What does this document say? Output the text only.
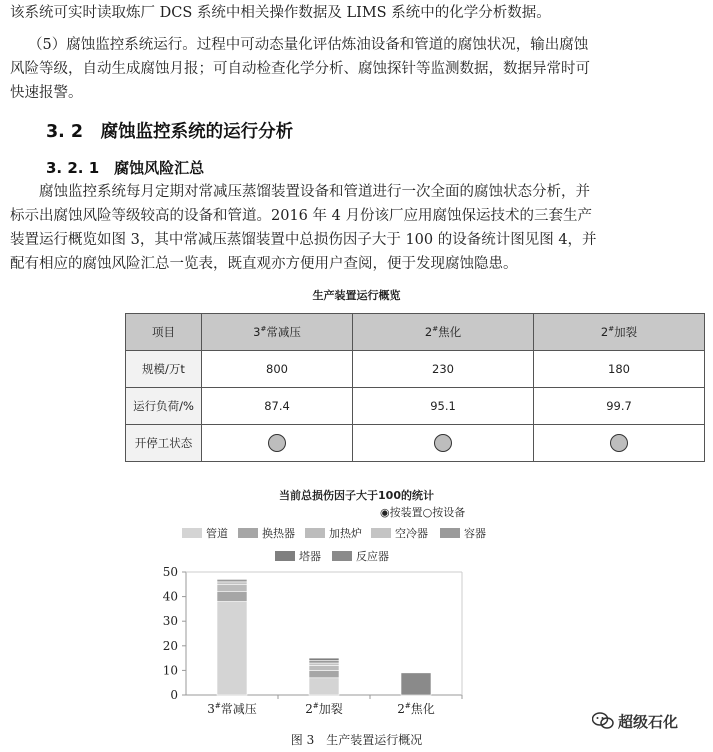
该系统可实时读取炼厂 DCS 系统中相关操作数据及 LIMS 系统中的化学分析数据。

（5）腐蚀监控系统运行。过程中可动态量化评估炼油设备和管道的腐蚀状况，输出腐蚀

风险等级，自动生成腐蚀月报；可自动检查化学分析、腐蚀探针等监测数据，数据异常时可

快速报警。

3. 2　腐蚀监控系统的运行分析
3. 2. 1　腐蚀风险汇总

　　腐蚀监控系统每月定期对常减压蒸馏装置设备和管道进行一次全面的腐蚀状态分析，并

标示出腐蚀风险等级较高的设备和管道。2016 年 4 月份该厂应用腐蚀保运技术的三套生产

装置运行概览如图 3，其中常减压蒸馏装置中总损伤因子大于 100 的设备统计图见图 4，并

配有相应的腐蚀风险汇总一览表，既直观亦方便用户查阅，便于发现腐蚀隐患。

生产装置运行概览
项目	3#常减压	2#焦化	2#加裂
规模/万t	800	230	180
运行负荷/%	87.4	95.1	99.7
开停工状态			
当前总损伤因子大于100的统计
◉按装置○按设备
管道	换热器	加热炉	空冷器	容器
塔器	反应器
0
10
20
30
40
50
3#常减压	2#加裂	2#焦化
图 3　生产装置运行概况
超级石化
